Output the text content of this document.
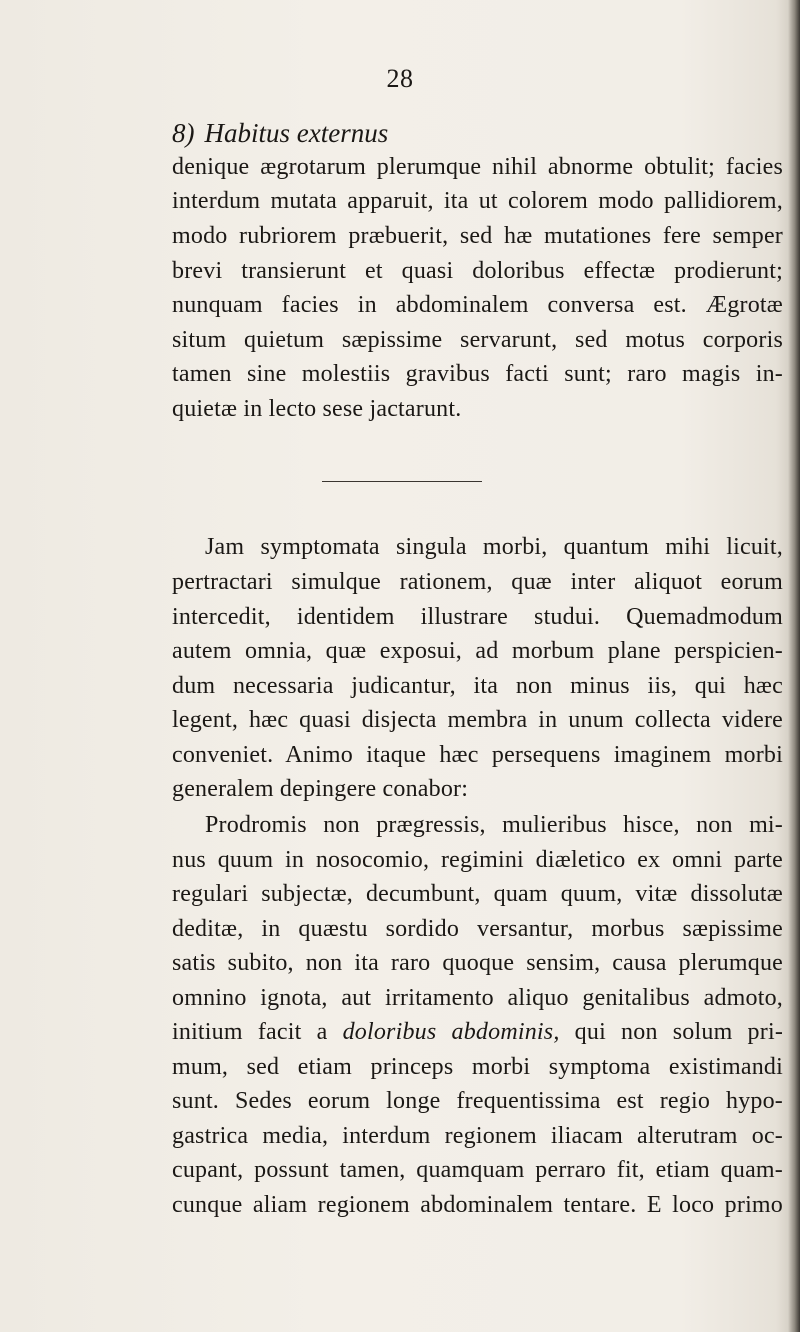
28
8) Habitus externus
denique ægrotarum plerumque nihil abnorme obtulit; facies
interdum mutata apparuit, ita ut colorem modo pallidiorem,
modo rubriorem præbuerit, sed hæ mutationes fere semper
brevi transierunt et quasi doloribus effectæ prodierunt;
nunquam facies in abdominalem conversa est. Ægrotæ
situm quietum sæpissime servarunt, sed motus corporis
tamen sine molestiis gravibus facti sunt; raro magis in-
quietæ in lecto sese jactarunt.
Jam symptomata singula morbi, quantum mihi licuit,
pertractari simulque rationem, quæ inter aliquot eorum
intercedit, identidem illustrare studui. Quemadmodum
autem omnia, quæ exposui, ad morbum plane perspicien-
dum necessaria judicantur, ita non minus iis, qui hæc
legent, hæc quasi disjecta membra in unum collecta videre
conveniet. Animo itaque hæc persequens imaginem morbi
generalem depingere conabor:
Prodromis non prægressis, mulieribus hisce, non mi-
nus quum in nosocomio, regimini diæletico ex omni parte
regulari subjectæ, decumbunt, quam quum, vitæ dissolutæ
deditæ, in quæstu sordido versantur, morbus sæpissime
satis subito, non ita raro quoque sensim, causa plerumque
omnino ignota, aut irritamento aliquo genitalibus admoto,
initium facit a doloribus abdominis, qui non solum pri-
mum, sed etiam princeps morbi symptoma existimandi
sunt. Sedes eorum longe frequentissima est regio hypo-
gastrica media, interdum regionem iliacam alterutram oc-
cupant, possunt tamen, quamquam perraro fit, etiam quam-
cunque aliam regionem abdominalem tentare. E loco primo
